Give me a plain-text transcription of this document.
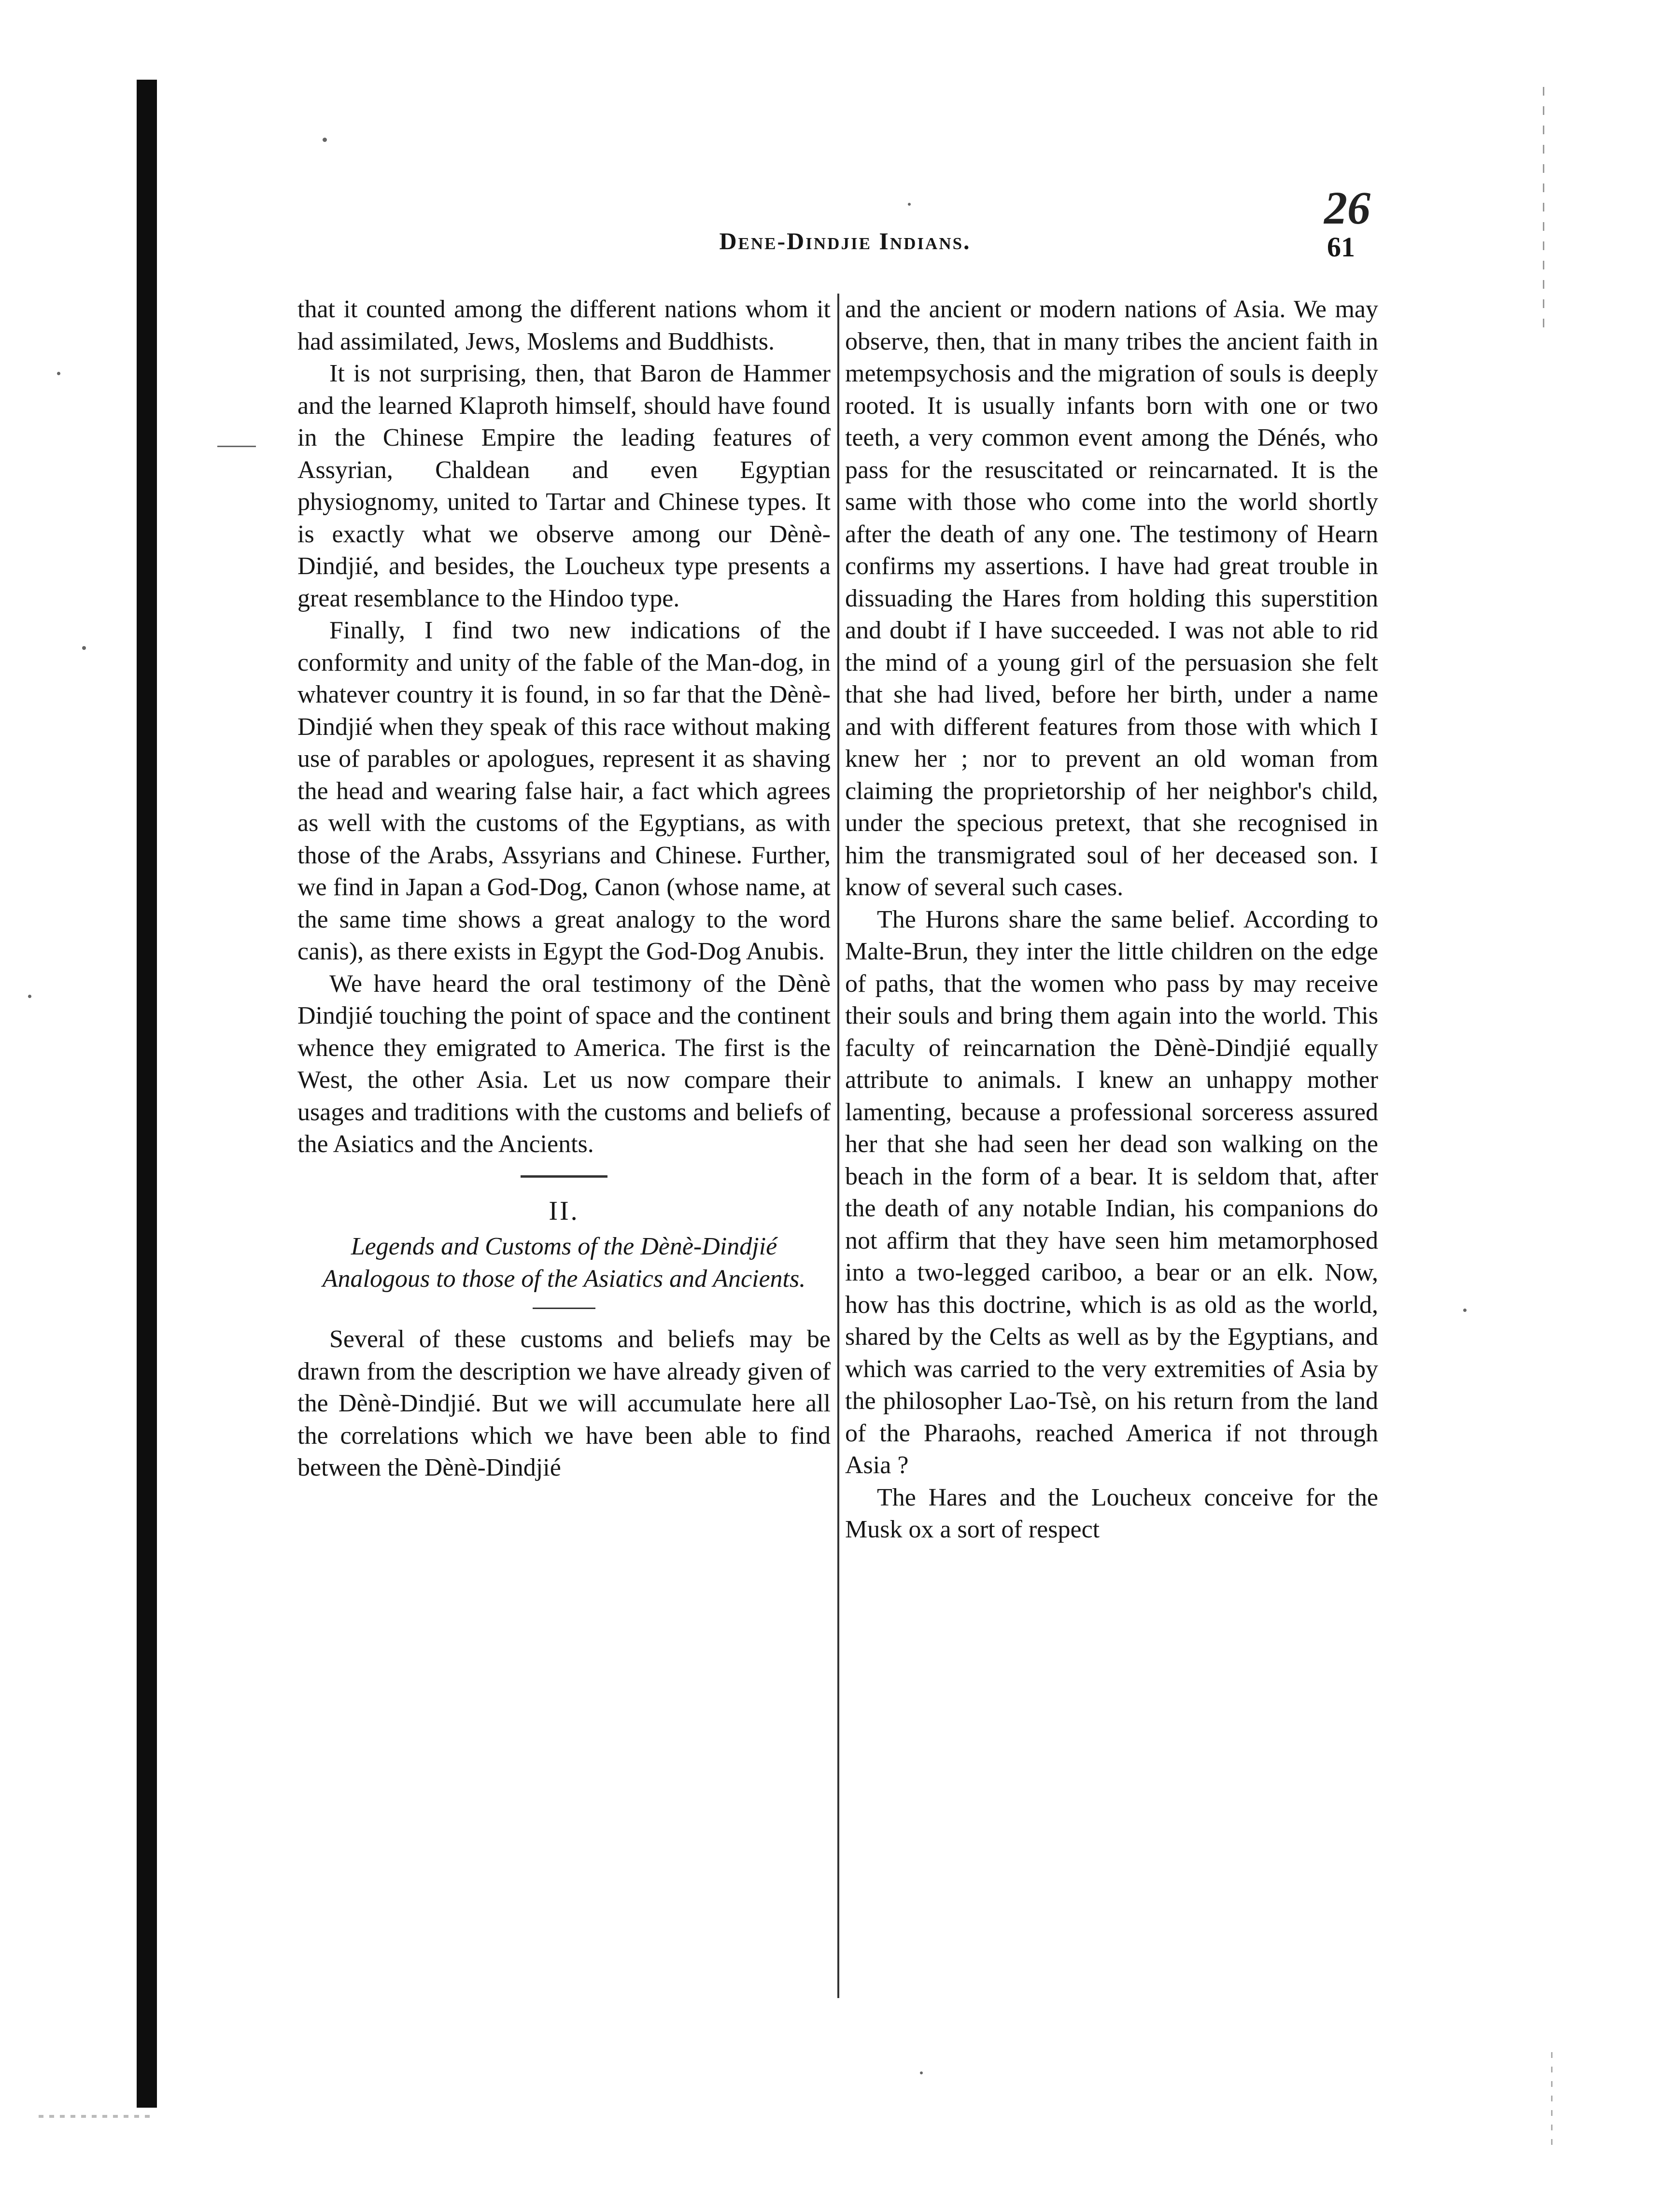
Dene-Dindjie Indians.	61
26

that it counted among the different nations whom it had assimilated, Jews, Moslems and Buddhists.

It is not surprising, then, that Baron de Hammer and the learned Klaproth himself, should have found in the Chinese Empire the leading features of Assyrian, Chaldean and even Egyptian physiognomy, united to Tartar and Chinese types. It is exactly what we observe among our Dènè-Dindjié, and besides, the Loucheux type presents a great resemblance to the Hindoo type.

Finally, I find two new indications of the conformity and unity of the fable of the Man-dog, in whatever country it is found, in so far that the Dènè-Dindjié when they speak of this race without making use of parables or apologues, represent it as shaving the head and wearing false hair, a fact which agrees as well with the customs of the Egyptians, as with those of the Arabs, Assyrians and Chinese. Further, we find in Japan a God-Dog, Canon (whose name, at the same time shows a great analogy to the word canis), as there exists in Egypt the God-Dog Anubis.

We have heard the oral testimony of the Dènè Dindjié touching the point of space and the continent whence they emigrated to America. The first is the West, the other Asia. Let us now compare their usages and traditions with the customs and beliefs of the Asiatics and the Ancients.

II.

Legends and Customs of the Dènè-Dindjié Analogous to those of the Asiatics and Ancients.

Several of these customs and beliefs may be drawn from the description we have already given of the Dènè-Dindjié. But we will accumulate here all the correlations which we have been able to find between the Dènè-Dindjié

and the ancient or modern nations of Asia. We may observe, then, that in many tribes the ancient faith in metempsychosis and the migration of souls is deeply rooted. It is usually infants born with one or two teeth, a very common event among the Dénés, who pass for the resuscitated or reincarnated. It is the same with those who come into the world shortly after the death of any one. The testimony of Hearn confirms my assertions. I have had great trouble in dissuading the Hares from holding this superstition and doubt if I have succeeded. I was not able to rid the mind of a young girl of the persuasion she felt that she had lived, before her birth, under a name and with different features from those with which I knew her ; nor to prevent an old woman from claiming the proprietorship of her neighbor's child, under the specious pretext, that she recognised in him the transmigrated soul of her deceased son. I know of several such cases.

The Hurons share the same belief. According to Malte-Brun, they inter the little children on the edge of paths, that the women who pass by may receive their souls and bring them again into the world. This faculty of reincarnation the Dènè-Dindjié equally attribute to animals. I knew an unhappy mother lamenting, because a professional sorceress assured her that she had seen her dead son walking on the beach in the form of a bear. It is seldom that, after the death of any notable Indian, his companions do not affirm that they have seen him metamorphosed into a two-legged cariboo, a bear or an elk. Now, how has this doctrine, which is as old as the world, shared by the Celts as well as by the Egyptians, and which was carried to the very extremities of Asia by the philosopher Lao-Tsè, on his return from the land of the Pharaohs, reached America if not through Asia ?

The Hares and the Loucheux conceive for the Musk ox a sort of respect
